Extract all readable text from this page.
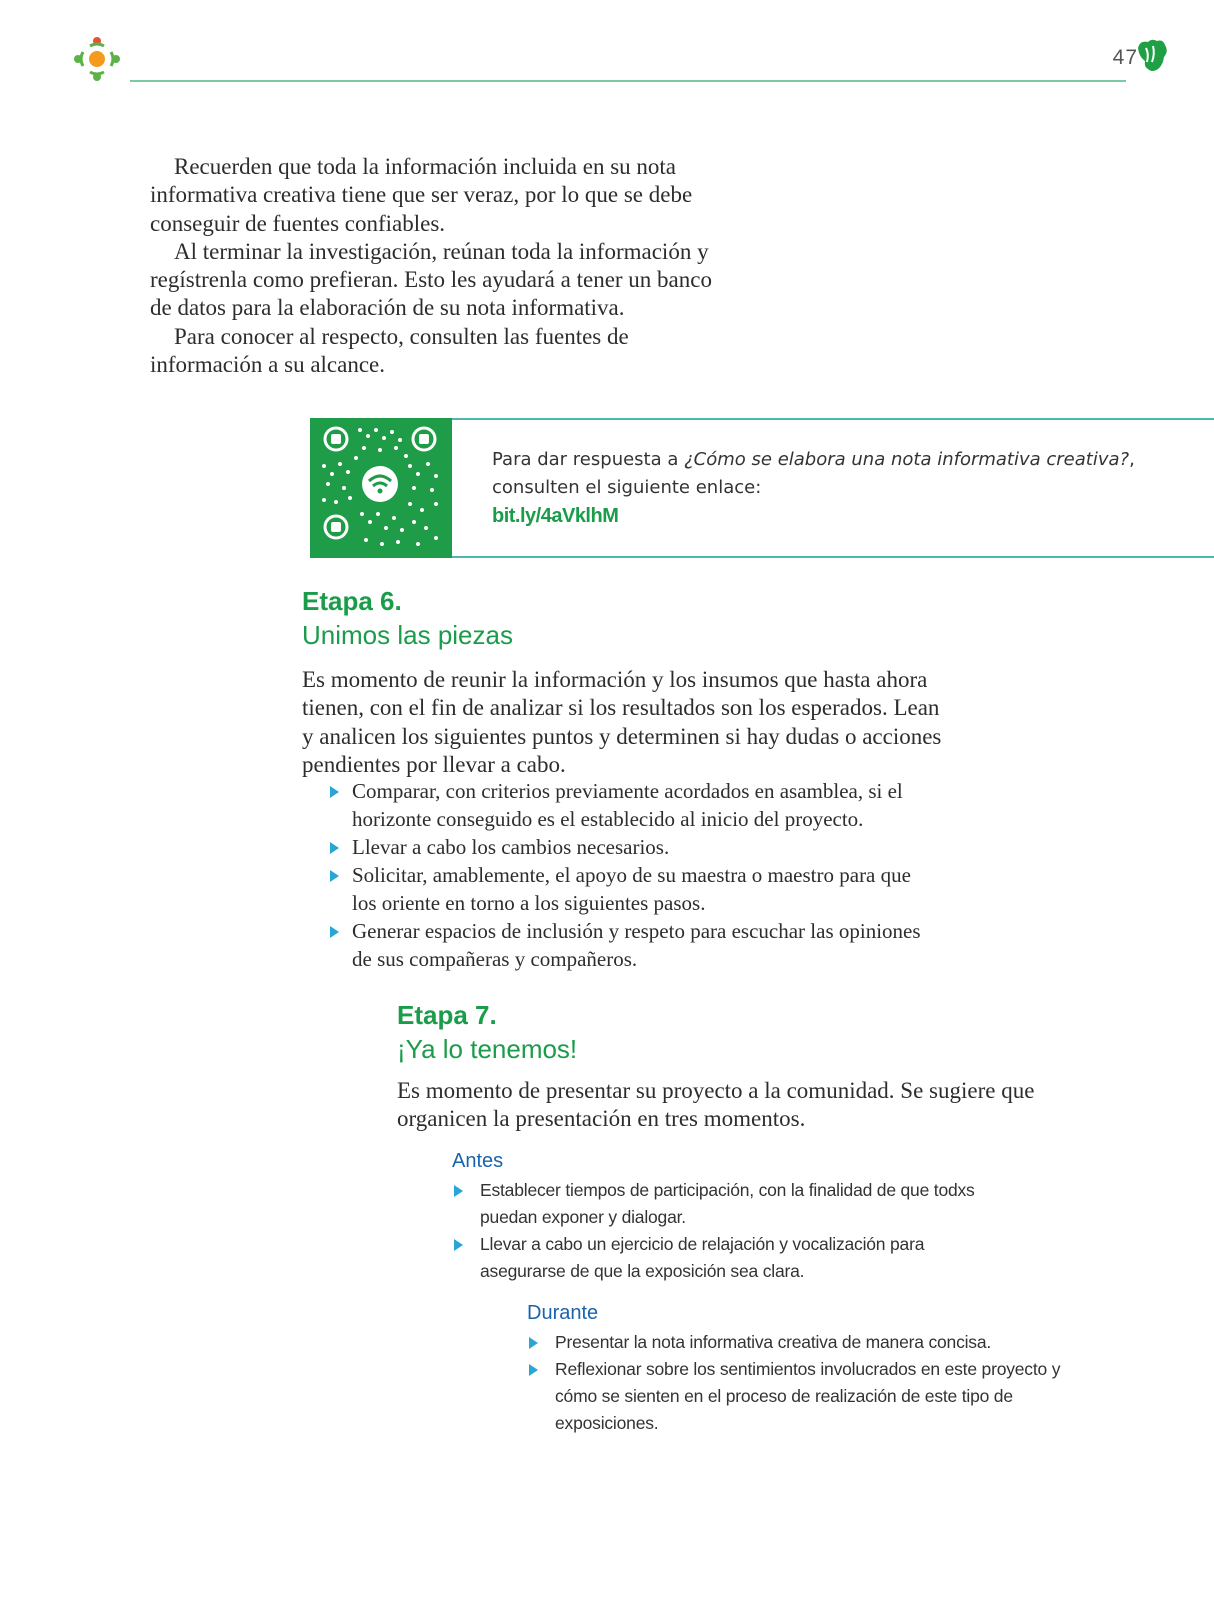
47

Recuerden que toda la información incluida en su nota informativa creativa tiene que ser veraz, por lo que se debe conseguir de fuentes confiables.

Al terminar la investigación, reúnan toda la información y regístrenla como prefieran. Esto les ayudará a tener un banco de datos para la elaboración de su nota informativa.

Para conocer al respecto, consulten las fuentes de información a su alcance.

Para dar respuesta a ¿Cómo se elabora una nota informativa creativa?, consulten el siguiente enlace:
bit.ly/4aVklhM
Etapa 6.
Unimos las piezas
Es momento de reunir la información y los insumos que hasta ahora tienen, con el fin de analizar si los resultados son los esperados. Lean y analicen los siguientes puntos y determinen si hay dudas o acciones pendientes por llevar a cabo.
Comparar, con criterios previamente acordados en asamblea, si el horizonte conseguido es el establecido al inicio del proyecto.
Llevar a cabo los cambios necesarios.
Solicitar, amablemente, el apoyo de su maestra o maestro para que los oriente en torno a los siguientes pasos.
Generar espacios de inclusión y respeto para escuchar las opiniones de sus compañeras y compañeros.
Etapa 7.
¡Ya lo tenemos!
Es momento de presentar su proyecto a la comunidad. Se sugiere que organicen la presentación en tres momentos.
Antes
Establecer tiempos de participación, con la finalidad de que todxs puedan exponer y dialogar.
Llevar a cabo un ejercicio de relajación y vocalización para asegurarse de que la exposición sea clara.
Durante
Presentar la nota informativa creativa de manera concisa.
Reflexionar sobre los sentimientos involucrados en este proyecto y cómo se sienten en el proceso de realización de este tipo de exposiciones.
